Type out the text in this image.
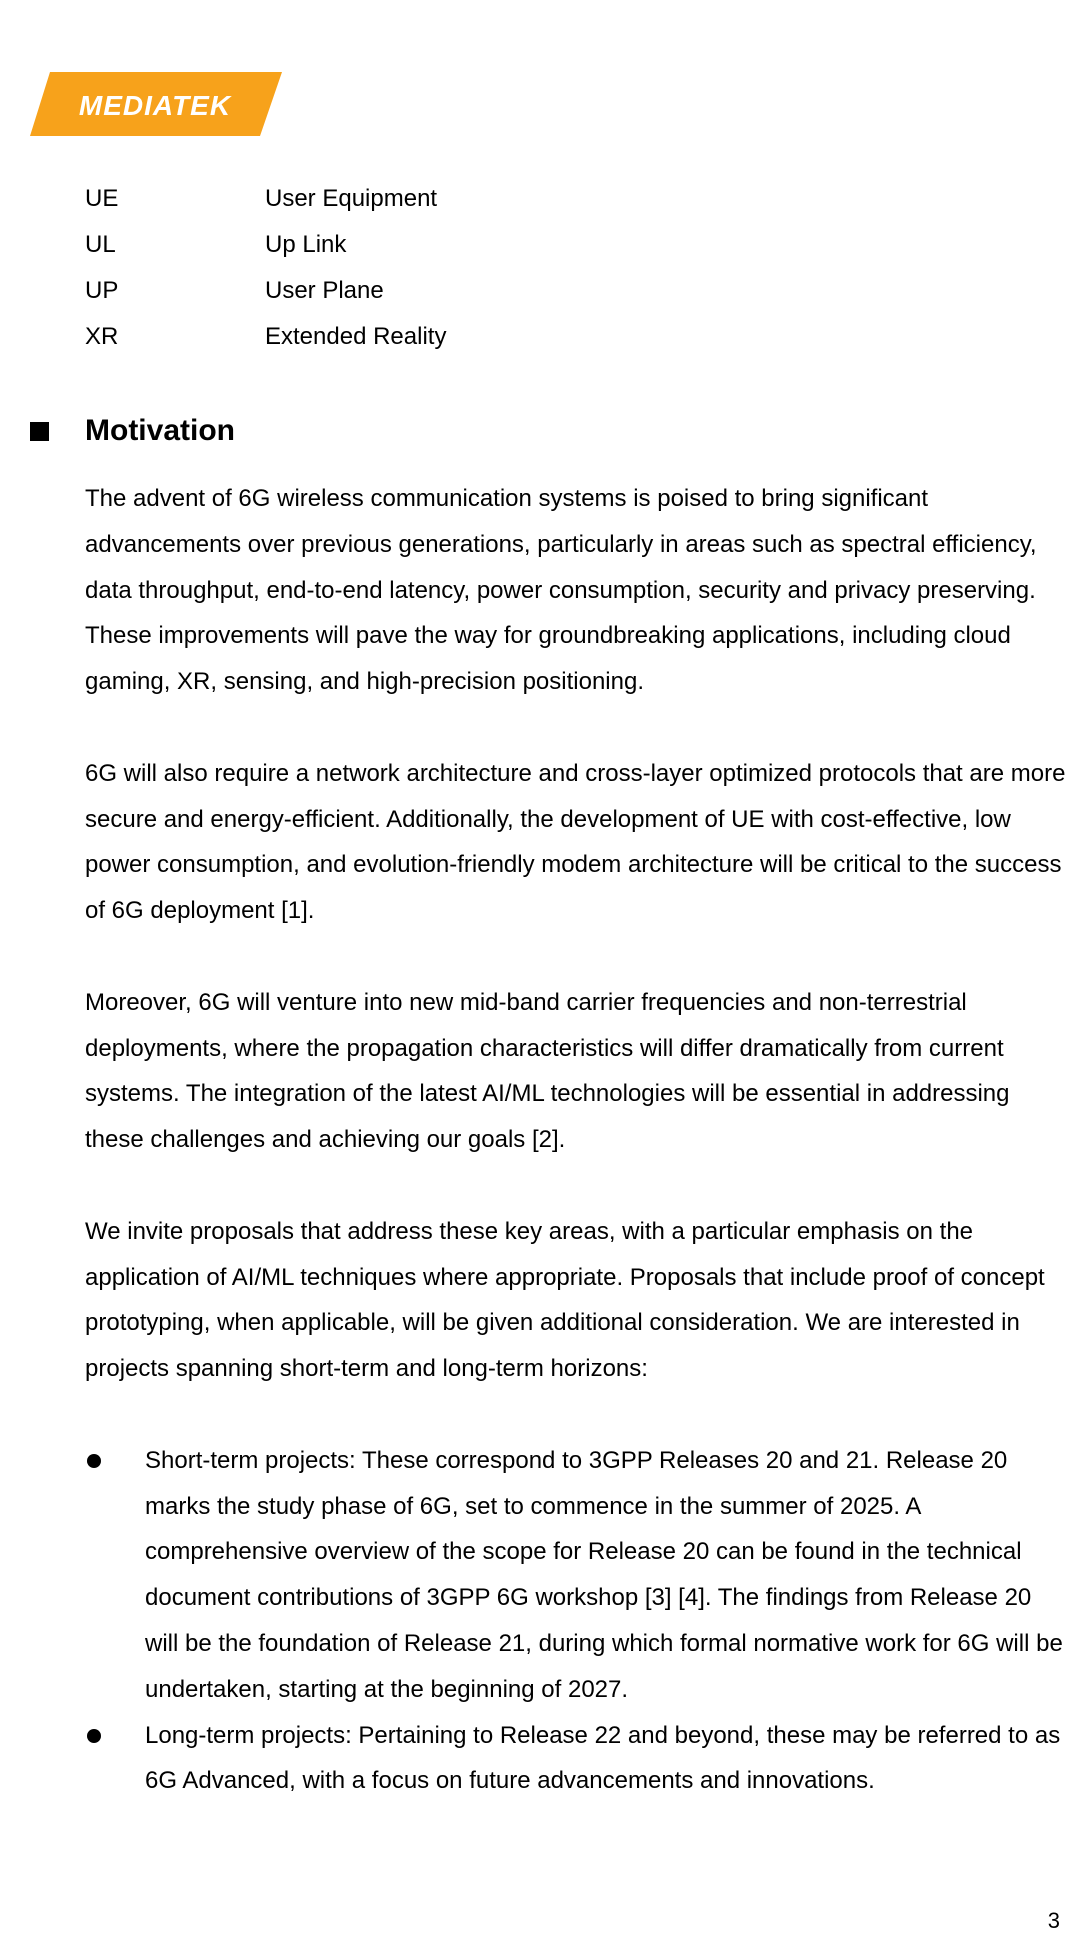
MEDIATEK
UE	User Equipment
UL	Up Link
UP	User Plane
XR	Extended Reality
Motivation

The advent of 6G wireless communication systems is poised to bring significant advancements over previous generations, particularly in areas such as spectral efficiency, data throughput, end-to-end latency, power consumption, security and privacy preserving. These improvements will pave the way for groundbreaking applications, including cloud gaming, XR, sensing, and high-precision positioning.

6G will also require a network architecture and cross-layer optimized protocols that are more secure and energy-efficient. Additionally, the development of UE with cost-effective, low power consumption, and evolution-friendly modem architecture will be critical to the success of 6G deployment [1].

Moreover, 6G will venture into new mid-band carrier frequencies and non-terrestrial deployments, where the propagation characteristics will differ dramatically from current systems. The integration of the latest AI/ML technologies will be essential in addressing these challenges and achieving our goals [2].

We invite proposals that address these key areas, with a particular emphasis on the application of AI/ML techniques where appropriate. Proposals that include proof of concept prototyping, when applicable, will be given additional consideration. We are interested in projects spanning short-term and long-term horizons:

Short-term projects: These correspond to 3GPP Releases 20 and 21. Release 20 marks the study phase of 6G, set to commence in the summer of 2025. A comprehensive overview of the scope for Release 20 can be found in the technical document contributions of 3GPP 6G workshop [3] [4]. The findings from Release 20 will be the foundation of Release 21, during which formal normative work for 6G will be undertaken, starting at the beginning of 2027.
Long-term projects: Pertaining to Release 22 and beyond, these may be referred to as 6G Advanced, with a focus on future advancements and innovations.
3
